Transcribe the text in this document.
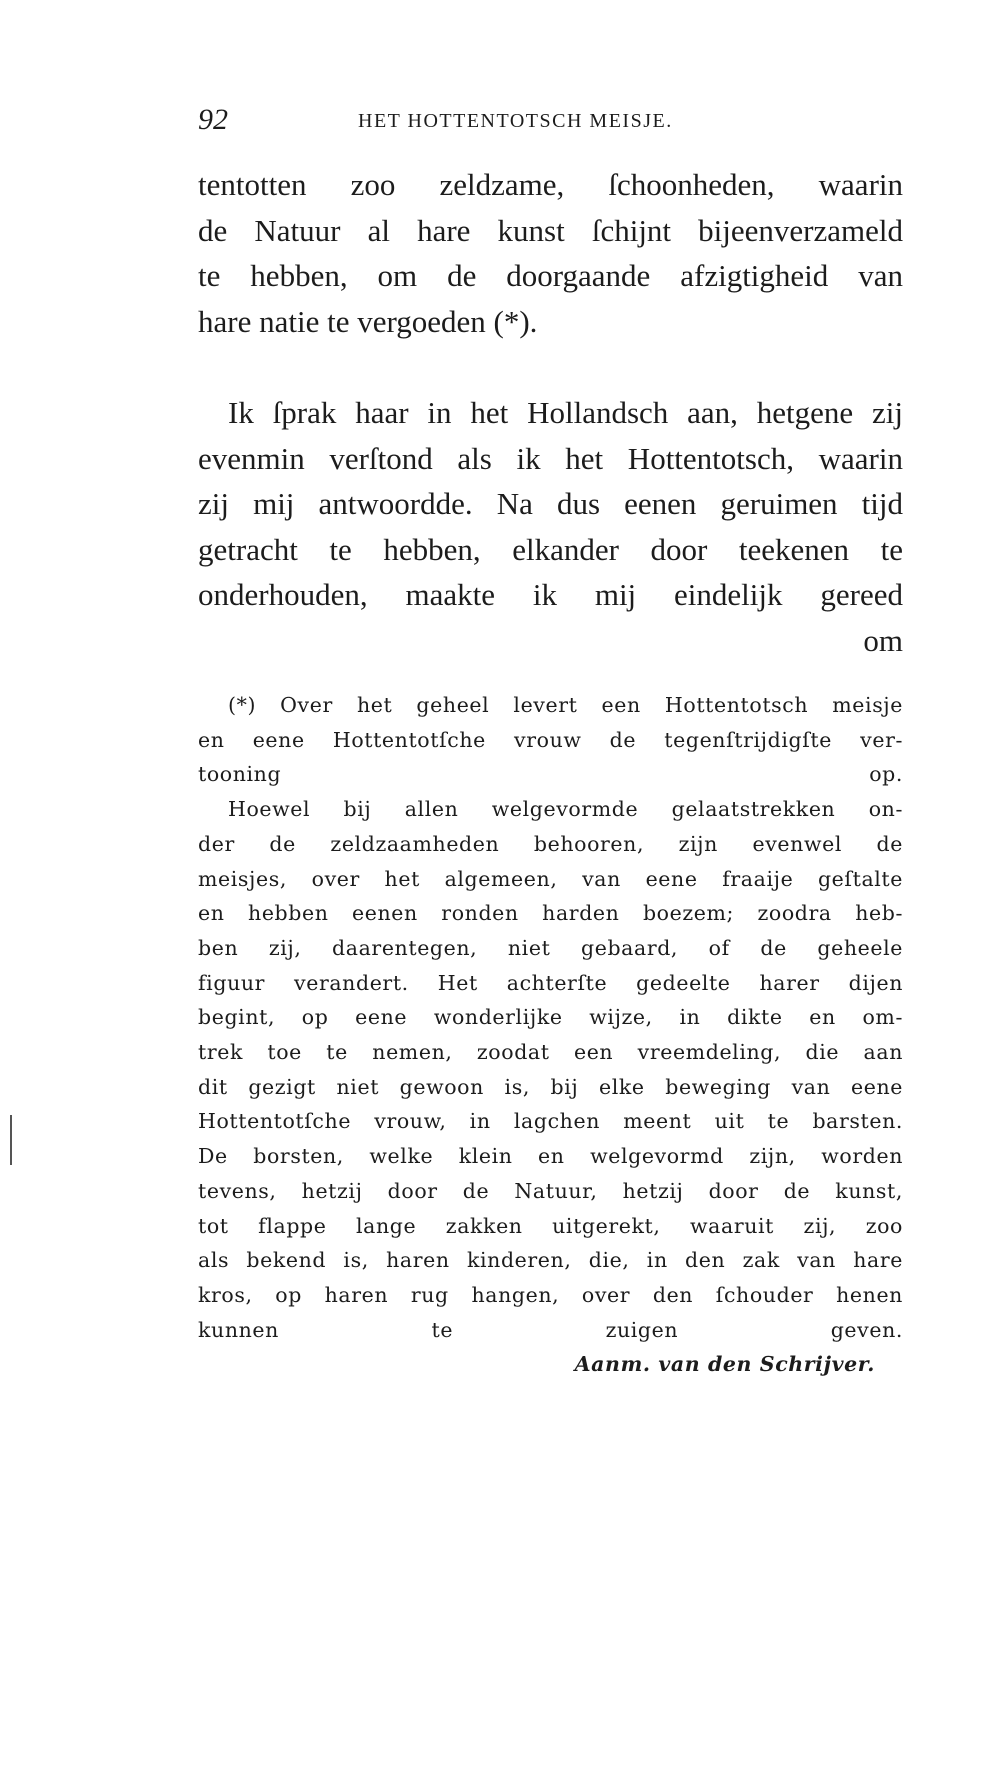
92	HET HOTTENTOTSCH MEISJE.

tentotten zoo zeldzame, ſchoonheden, waarin
de Natuur al hare kunst ſchijnt bijeenverzameld
te hebben, om de doorgaande afzigtigheid van
hare natie te vergoeden (*).

Ik ſprak haar in het Hollandsch aan, hetgene zij
evenmin verſtond als ik het Hottentotsch, waarin
zij mij antwoordde. Na dus eenen geruimen tijd
getracht te hebben, elkander door teekenen te
onderhouden, maakte ik mij eindelijk gereed
om

(*) Over het geheel levert een Hottentotsch meisje
en eene Hottentotſche vrouw de tegenſtrijdigſte ver-
tooning op.
Hoewel bij allen welgevormde gelaatstrekken on-
der de zeldzaamheden behooren, zijn evenwel de
meisjes, over het algemeen, van eene fraaije geſtalte
en hebben eenen ronden harden boezem; zoodra heb-
ben zij, daarentegen, niet gebaard, of de geheele
figuur verandert. Het achterſte gedeelte harer dijen
begint, op eene wonderlijke wijze, in dikte en om-
trek toe te nemen, zoodat een vreemdeling, die aan
dit gezigt niet gewoon is, bij elke beweging van eene
Hottentotſche vrouw, in lagchen meent uit te barsten.
De borsten, welke klein en welgevormd zijn, worden
tevens, hetzij door de Natuur, hetzij door de kunst,
tot flappe lange zakken uitgerekt, waaruit zij, zoo
als bekend is, haren kinderen, die, in den zak van hare
kros, op haren rug hangen, over den ſchouder henen
kunnen te zuigen geven.
Aanm. van den Schrijver.
